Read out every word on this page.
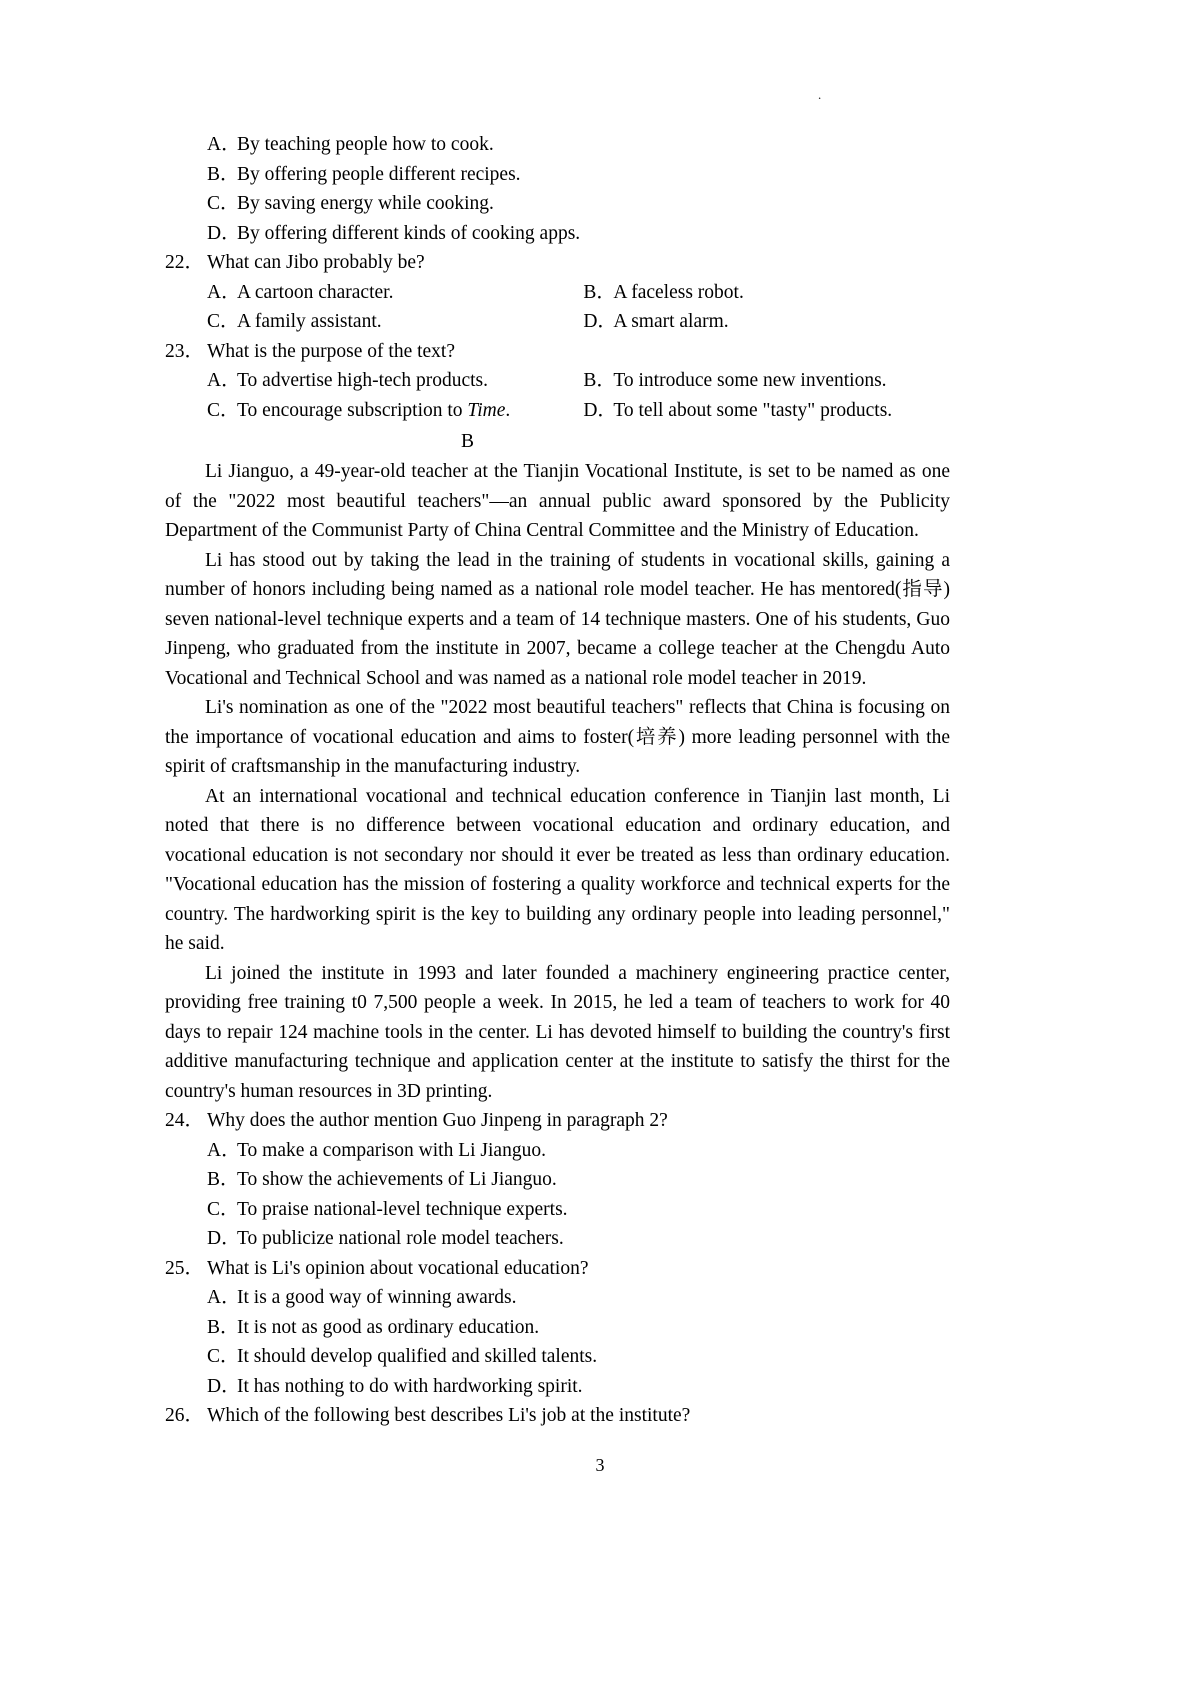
.
A．By teaching people how to cook.
B．By offering people different recipes.
C．By saving energy while cooking.
D．By offering different kinds of cooking apps.
22． What can Jibo probably be?
A．A cartoon character.	B．A faceless robot.
C．A family assistant.	D．A smart alarm.
23． What is the purpose of the text?
A．To advertise high-tech products.	B．To introduce some new inventions.
C．To encourage subscription to Time.	D．To tell about some "tasty" products.
B

Li Jianguo, a 49-year-old teacher at the Tianjin Vocational Institute, is set to be named as one of the "2022 most beautiful teachers"—an annual public award sponsored by the Publicity Department of the Communist Party of China Central Committee and the Ministry of Education.

Li has stood out by taking the lead in the training of students in vocational skills, gaining a number of honors including being named as a national role model teacher. He has mentored(指导) seven national-level technique experts and a team of 14 technique masters. One of his students, Guo Jinpeng, who graduated from the institute in 2007, became a college teacher at the Chengdu Auto Vocational and Technical School and was named as a national role model teacher in 2019.

Li's nomination as one of the "2022 most beautiful teachers" reflects that China is focusing on the importance of vocational education and aims to foster(培养) more leading personnel with the spirit of craftsmanship in the manufacturing industry.

At an international vocational and technical education conference in Tianjin last month, Li noted that there is no difference between vocational education and ordinary education, and vocational education is not secondary nor should it ever be treated as less than ordinary education. "Vocational education has the mission of fostering a quality workforce and technical experts for the country. The hardworking spirit is the key to building any ordinary people into leading personnel," he said.

Li joined the institute in 1993 and later founded a machinery engineering practice center, providing free training t0 7,500 people a week. In 2015, he led a team of teachers to work for 40 days to repair 124 machine tools in the center. Li has devoted himself to building the country's first additive manufacturing technique and application center at the institute to satisfy the thirst for the country's human resources in 3D printing.

24． Why does the author mention Guo Jinpeng in paragraph 2?
A．To make a comparison with Li Jianguo.
B．To show the achievements of Li Jianguo.
C．To praise national-level technique experts.
D．To publicize national role model teachers.
25． What is Li's opinion about vocational education?
A．It is a good way of winning awards.
B．It is not as good as ordinary education.
C．It should develop qualified and skilled talents.
D．It has nothing to do with hardworking spirit.
26． Which of the following best describes Li's job at the institute?
3
